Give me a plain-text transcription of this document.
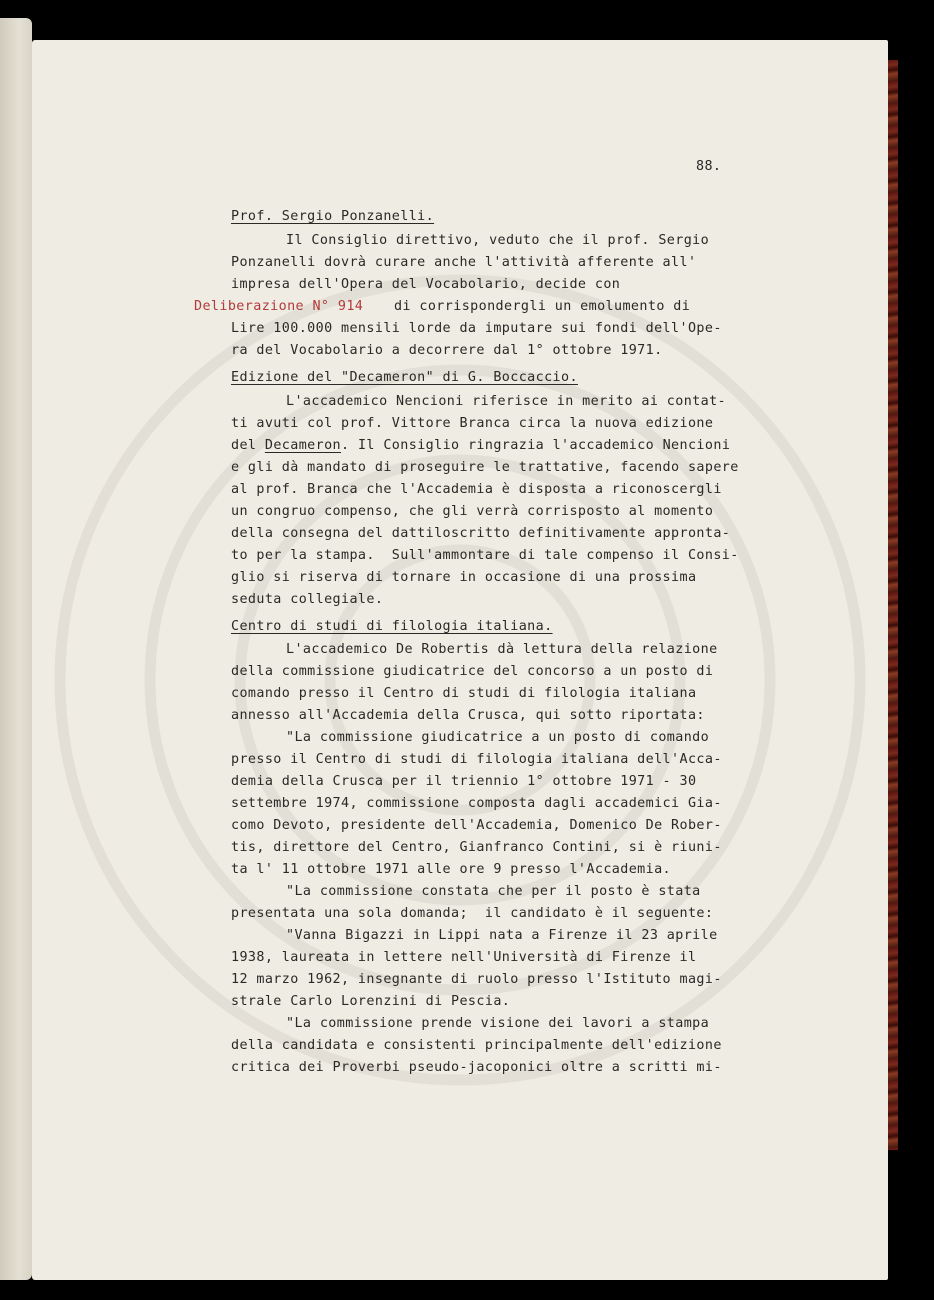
88.
Prof. Sergio Ponzanelli.
Il Consiglio direttivo, veduto che il prof. Sergio
Ponzanelli dovrà curare anche l'attività afferente all'
impresa dell'Opera del Vocabolario, decide con
Deliberazione N° 914 di corrispondergli un emolumento di
Lire 100.000 mensili lorde da imputare sui fondi dell'Ope-
ra del Vocabolario a decorrere dal 1° ottobre 1971.
Edizione del "Decameron" di G. Boccaccio.
L'accademico Nencioni riferisce in merito ai contat-
ti avuti col prof. Vittore Branca circa la nuova edizione
del Decameron. Il Consiglio ringrazia l'accademico Nencioni
e gli dà mandato di proseguire le trattative, facendo sapere
al prof. Branca che l'Accademia è disposta a riconoscergli
un congruo compenso, che gli verrà corrisposto al momento
della consegna del dattiloscritto definitivamente appronta-
to per la stampa.  Sull'ammontare di tale compenso il Consi-
glio si riserva di tornare in occasione di una prossima
seduta collegiale.
Centro di studi di filologia italiana.
L'accademico De Robertis dà lettura della relazione
della commissione giudicatrice del concorso a un posto di
comando presso il Centro di studi di filologia italiana
annesso all'Accademia della Crusca, qui sotto riportata:
"La commissione giudicatrice a un posto di comando
presso il Centro di studi di filologia italiana dell'Acca-
demia della Crusca per il triennio 1° ottobre 1971 - 30
settembre 1974, commissione composta dagli accademici Gia-
como Devoto, presidente dell'Accademia, Domenico De Rober-
tis, direttore del Centro, Gianfranco Contini, si è riuni-
ta l' 11 ottobre 1971 alle ore 9 presso l'Accademia.
"La commissione constata che per il posto è stata
presentata una sola domanda;  il candidato è il seguente:
"Vanna Bigazzi in Lippi nata a Firenze il 23 aprile
1938, laureata in lettere nell'Università di Firenze il
12 marzo 1962, insegnante di ruolo presso l'Istituto magi-
strale Carlo Lorenzini di Pescia.
"La commissione prende visione dei lavori a stampa
della candidata e consistenti principalmente dell'edizione
critica dei Proverbi pseudo-jacoponici oltre a scritti mi-
